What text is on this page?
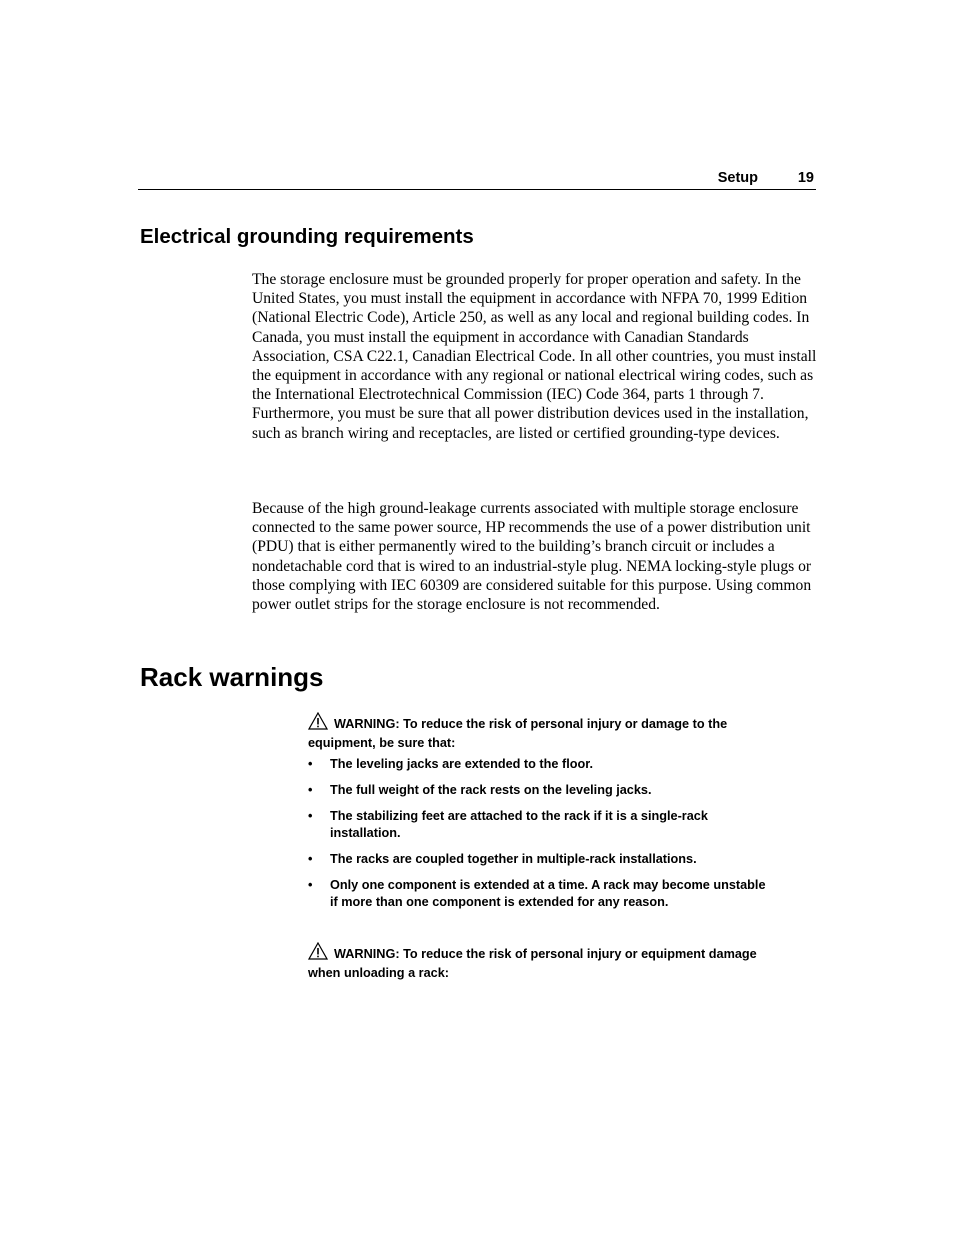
Setup	19
Electrical grounding requirements

The storage enclosure must be grounded properly for proper operation and safety. In the United States, you must install the equipment in accordance with NFPA 70, 1999 Edition (National Electric Code), Article 250, as well as any local and regional building codes. In Canada, you must install the equipment in accordance with Canadian Standards Association, CSA C22.1, Canadian Electrical Code. In all other countries, you must install the equipment in accordance with any regional or national electrical wiring codes, such as the International Electrotechnical Commission (IEC) Code 364, parts 1 through 7. Furthermore, you must be sure that all power distribution devices used in the installation, such as branch wiring and receptacles, are listed or certified grounding-type devices.

Because of the high ground-leakage currents associated with multiple storage enclosure connected to the same power source, HP recommends the use of a power distribution unit (PDU) that is either permanently wired to the building’s branch circuit or includes a nondetachable cord that is wired to an industrial-style plug. NEMA locking-style plugs or those complying with IEC 60309 are considered suitable for this purpose. Using common power outlet strips for the storage enclosure is not recommended.

Rack warnings

WARNING: To reduce the risk of personal injury or damage to the equipment, be sure that:

• The leveling jacks are extended to the floor.
• The full weight of the rack rests on the leveling jacks.
• The stabilizing feet are attached to the rack if it is a single-rack installation.
• The racks are coupled together in multiple-rack installations.
• Only one component is extended at a time. A rack may become unstable if more than one component is extended for any reason.

WARNING: To reduce the risk of personal injury or equipment damage when unloading a rack:
